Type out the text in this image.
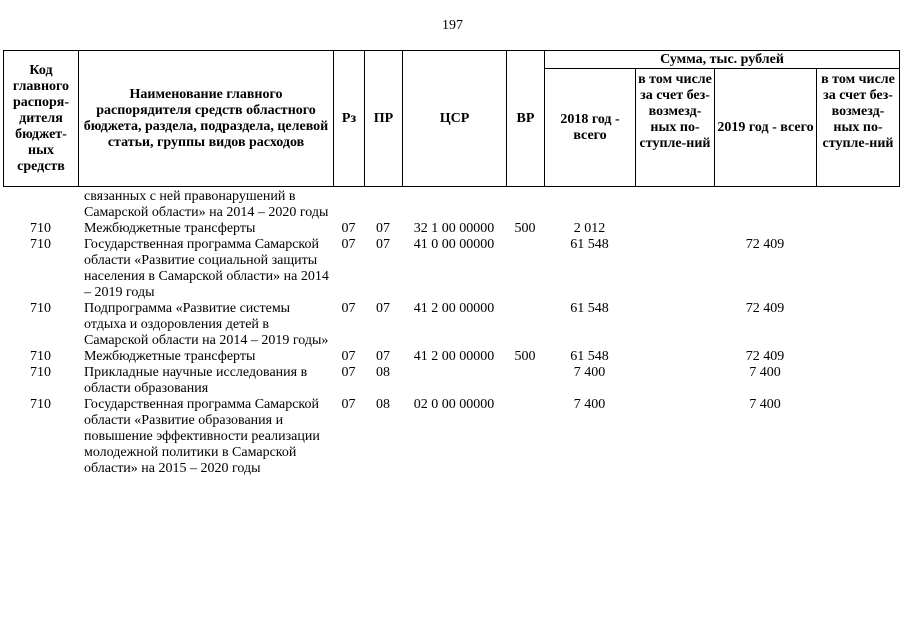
197
Код главного распоря-дителя бюджет-ных средств	Наименование главного распорядителя средств областного бюджета, раздела, подраздела, целевой статьи, группы видов расходов	Рз	ПР	ЦСР	ВР	Сумма, тыс. рублей			
						2018 год - всего	в том числе за счет без-возмезд-ных по-ступле-ний	2019 год - всего	в том числе за счет без-возмезд-ных по-ступле-ний
	связанных с ней правонарушений в Самарской области» на 2014 – 2020 годы								
710	Межбюджетные трансферты	07	07	32 1 00 00000	500	2 012			
710	Государственная программа Самарской области «Развитие социальной защиты населения в Самарской области» на 2014 – 2019 годы	07	07	41 0 00 00000		61 548		72 409	
710	Подпрограмма «Развитие системы отдыха и оздоровления детей в Самарской области на 2014 – 2019 годы»	07	07	41 2 00 00000		61 548		72 409	
710	Межбюджетные трансферты	07	07	41 2 00 00000	500	61 548		72 409	
710	Прикладные научные исследования в области образования	07	08			7 400		7 400	
710	Государственная программа Самарской области «Развитие образования и повышение эффективности реализации молодежной политики в Самарской области» на 2015 – 2020 годы	07	08	02 0 00 00000		7 400		7 400	
